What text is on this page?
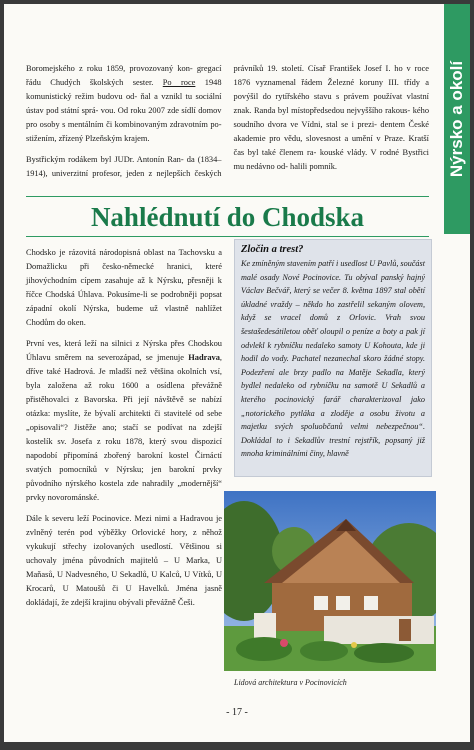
Nýrsko a okolí

Boromejského z roku 1859, provozovaný kon- gregací řádu Chudých školských sester. Po roce 1948 komunistický režim budovu od- ňal a vznikl tu sociální ústav pod státní sprá- vou. Od roku 2007 zde sídlí domov pro osoby s mentálním či kombinovaným zdravotním po- stižením, zřízený Plzeňským krajem.

Bystřickým rodákem byl JUDr. Antonín Ran- da (1834–1914), univerzitní profesor, jeden z nejlepších českých právníků 19. století. Císař František Josef I. ho v roce 1876 vyznamenal řádem Železné koruny III. třídy a povýšil do rytířského stavu s právem používat vlastní znak. Randa byl místopředsedou nejvyššího rakous- kého soudního dvora ve Vídni, stal se i prezi- dentem České akademie pro vědu, slovesnost a umění v Praze. Kratší čas byl také členem ra- kouské vlády. V rodné Bystřici mu nedávno od- halili pomník.

Nahlédnutí do Chodska

Chodsko je rázovitá národopisná oblast na Tachovsku a Domažlicku při česko-německé hranici, které jihovýchodním cípem zasahuje až k Nýrsku, přesněji k říčce Chodská Úhlava. Pokusíme-li se podrobněji popsat západní okolí Nýrska, budeme už vlastně nahlížet Chodům do oken.

První ves, která leží na silnici z Nýrska přes Chodskou Úhlavu směrem na severozápad, se jmenuje Hadrava, dříve také Hadrová. Je mladší než většina okolních vsí, byla založena až roku 1600 a osídlena převážně přistěhovalci z Bavorska. Při její návštěvě se nabízí otázka: myslíte, že bývalí architekti či stavitelé od sebe „opisovali“? Jistěže ano; stačí se podívat na zdejší kostelík sv. Josefa z roku 1878, který svou dispozicí napodobí připomíná zbořený barokní kostel Čirnáctí svatých pomocníků v Nýrsku; jen barokní prvky původního nýrského kostela zde nahradily „modernější“ prvky novorománské.

Dále k severu leží Pocinovice. Mezi nimi a Hadravou je zvlněný terén pod výběžky Orlovické hory, z něhož vykukují střechy izolovaných usedlostí. Většinou si uchovaly jména původních majitelů – U Marka, U Maňasů, U Nadvesného, U Sekadlů, U Kalců, U Vítků, U Krocarů, U Matoušů či U Havelků. Jména jasně dokládají, že zdejší krajinu obývali převážně Češi.

Zločin a trest?

Ke zmíněným stavením patří i usedlost U Pavlů, součást malé osady Nové Pocinovice. Tu obýval panský hajný Václav Bečvář, který se večer 8. května 1897 stal obětí úkladné vraždy – někdo ho zastřelil sekaným olovem, když se vracel domů z Orlovic. Vrah svou šestašedesátiletou oběť oloupil o peníze a boty a pak jí odvlekl k rybníčku nedaleko samoty U Kohouta, kde ji hodil do vody. Pachatel nezanechal skoro žádné stopy. Podezření ale brzy padlo na Matěje Sekadla, který bydlel nedaleko od rybníčku na samotě U Sekadlů a kterého pocinovický farář charakterizoval jako „notorického pytláka a zloděje a osobu životu a majetku svých spoluobčanů velmi nebezpečnou“. Dokládal to i Sekadlův trestní rejstřík, popsaný již mnoha kriminálními činy, hlavně

Lidová architektura v Pocinovicích
- 17 -
